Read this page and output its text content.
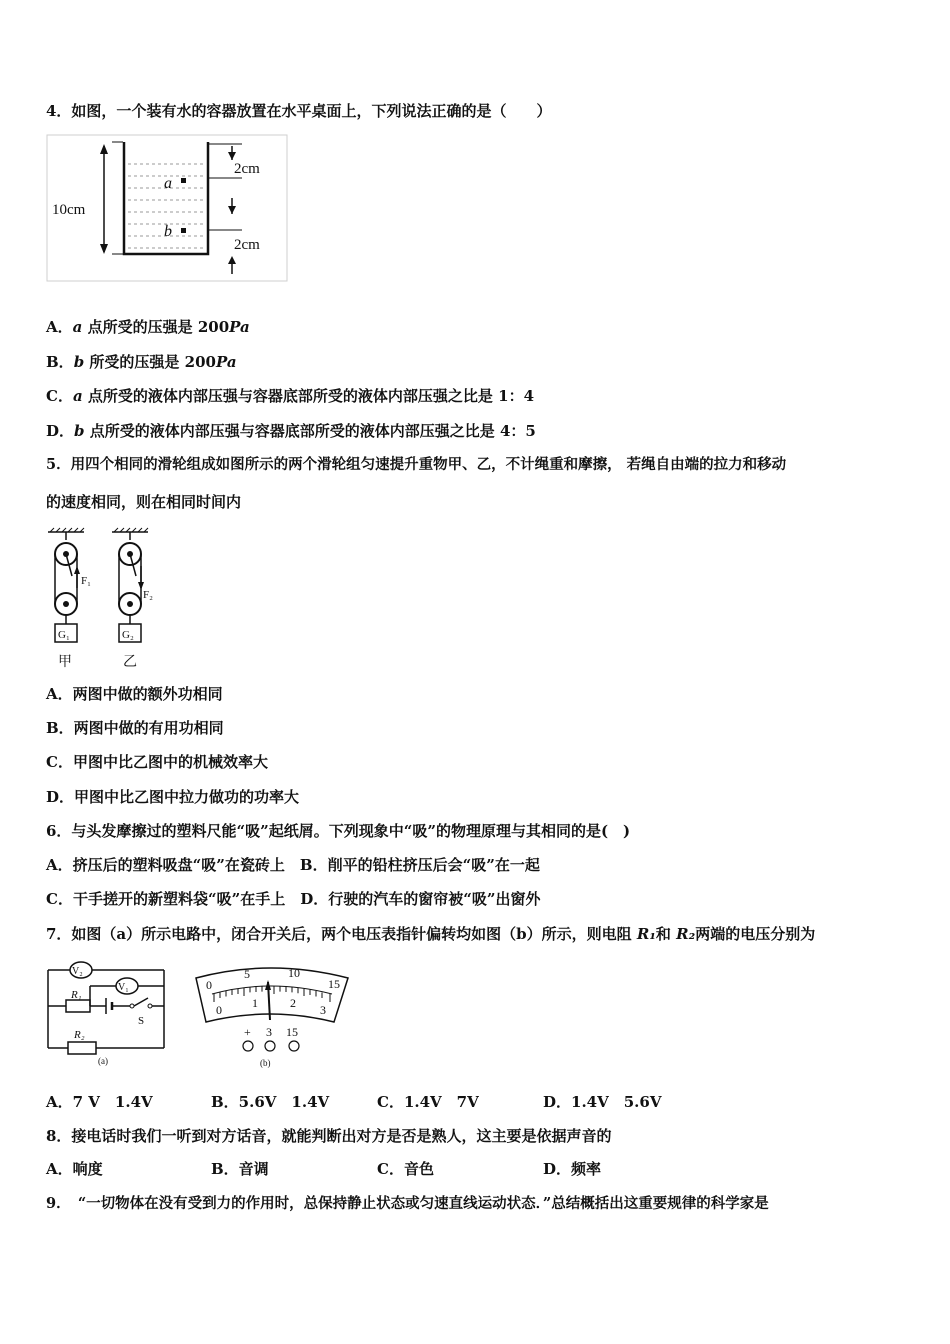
4．如图，一个装有水的容器放置在水平桌面上，下列说法正确的是（　　）
10cm
a
b
2cm
2cm
A．a 点所受的压强是 200Pa
B．b 所受的压强是 200Pa
C．a 点所受的液体内部压强与容器底部所受的液体内部压强之比是 1：4
D．b 点所受的液体内部压强与容器底部所受的液体内部压强之比是 4：5
5．用四个相同的滑轮组成如图所示的两个滑轮组匀速提升重物甲、乙，不计绳重和摩擦， 若绳自由端的拉力和移动
的速度相同，则在相同时间内
F₁
G₁
甲
F₂
G₂
乙
A．两图中做的额外功相同
B．两图中做的有用功相同
C．甲图中比乙图中的机械效率大
D．甲图中比乙图中拉力做功的功率大
6．与头发摩擦过的塑料尺能“吸”起纸屑。下列现象中“吸”的物理原理与其相同的是(　)
A．挤压后的塑料吸盘“吸”在瓷砖上　B．削平的铅柱挤压后会“吸”在一起
C．干手搓开的新塑料袋“吸”在手上　D．行驶的汽车的窗帘被“吸”出窗外
7．如图（a）所示电路中，闭合开关后，两个电压表指针偏转均如图（b）所示，则电阻 R₁和 R₂两端的电压分别为
V₂
R₁
S
V₁
R₂
(a)
0
5	10
15
0	1	2 3
+ 3 15
(b)
A．7 V　1.4V	B．5.6V　1.4V	C．1.4V　7V	D．1.4V　5.6V
8．接电话时我们一听到对方话音，就能判断出对方是否是熟人，这主要是依据声音的
A．响度	B．音调	C．音色	D．频率
9．　“一切物体在没有受到力的作用时，总保持静止状态或匀速直线运动状态．”总结概括出这重要规律的科学家是
